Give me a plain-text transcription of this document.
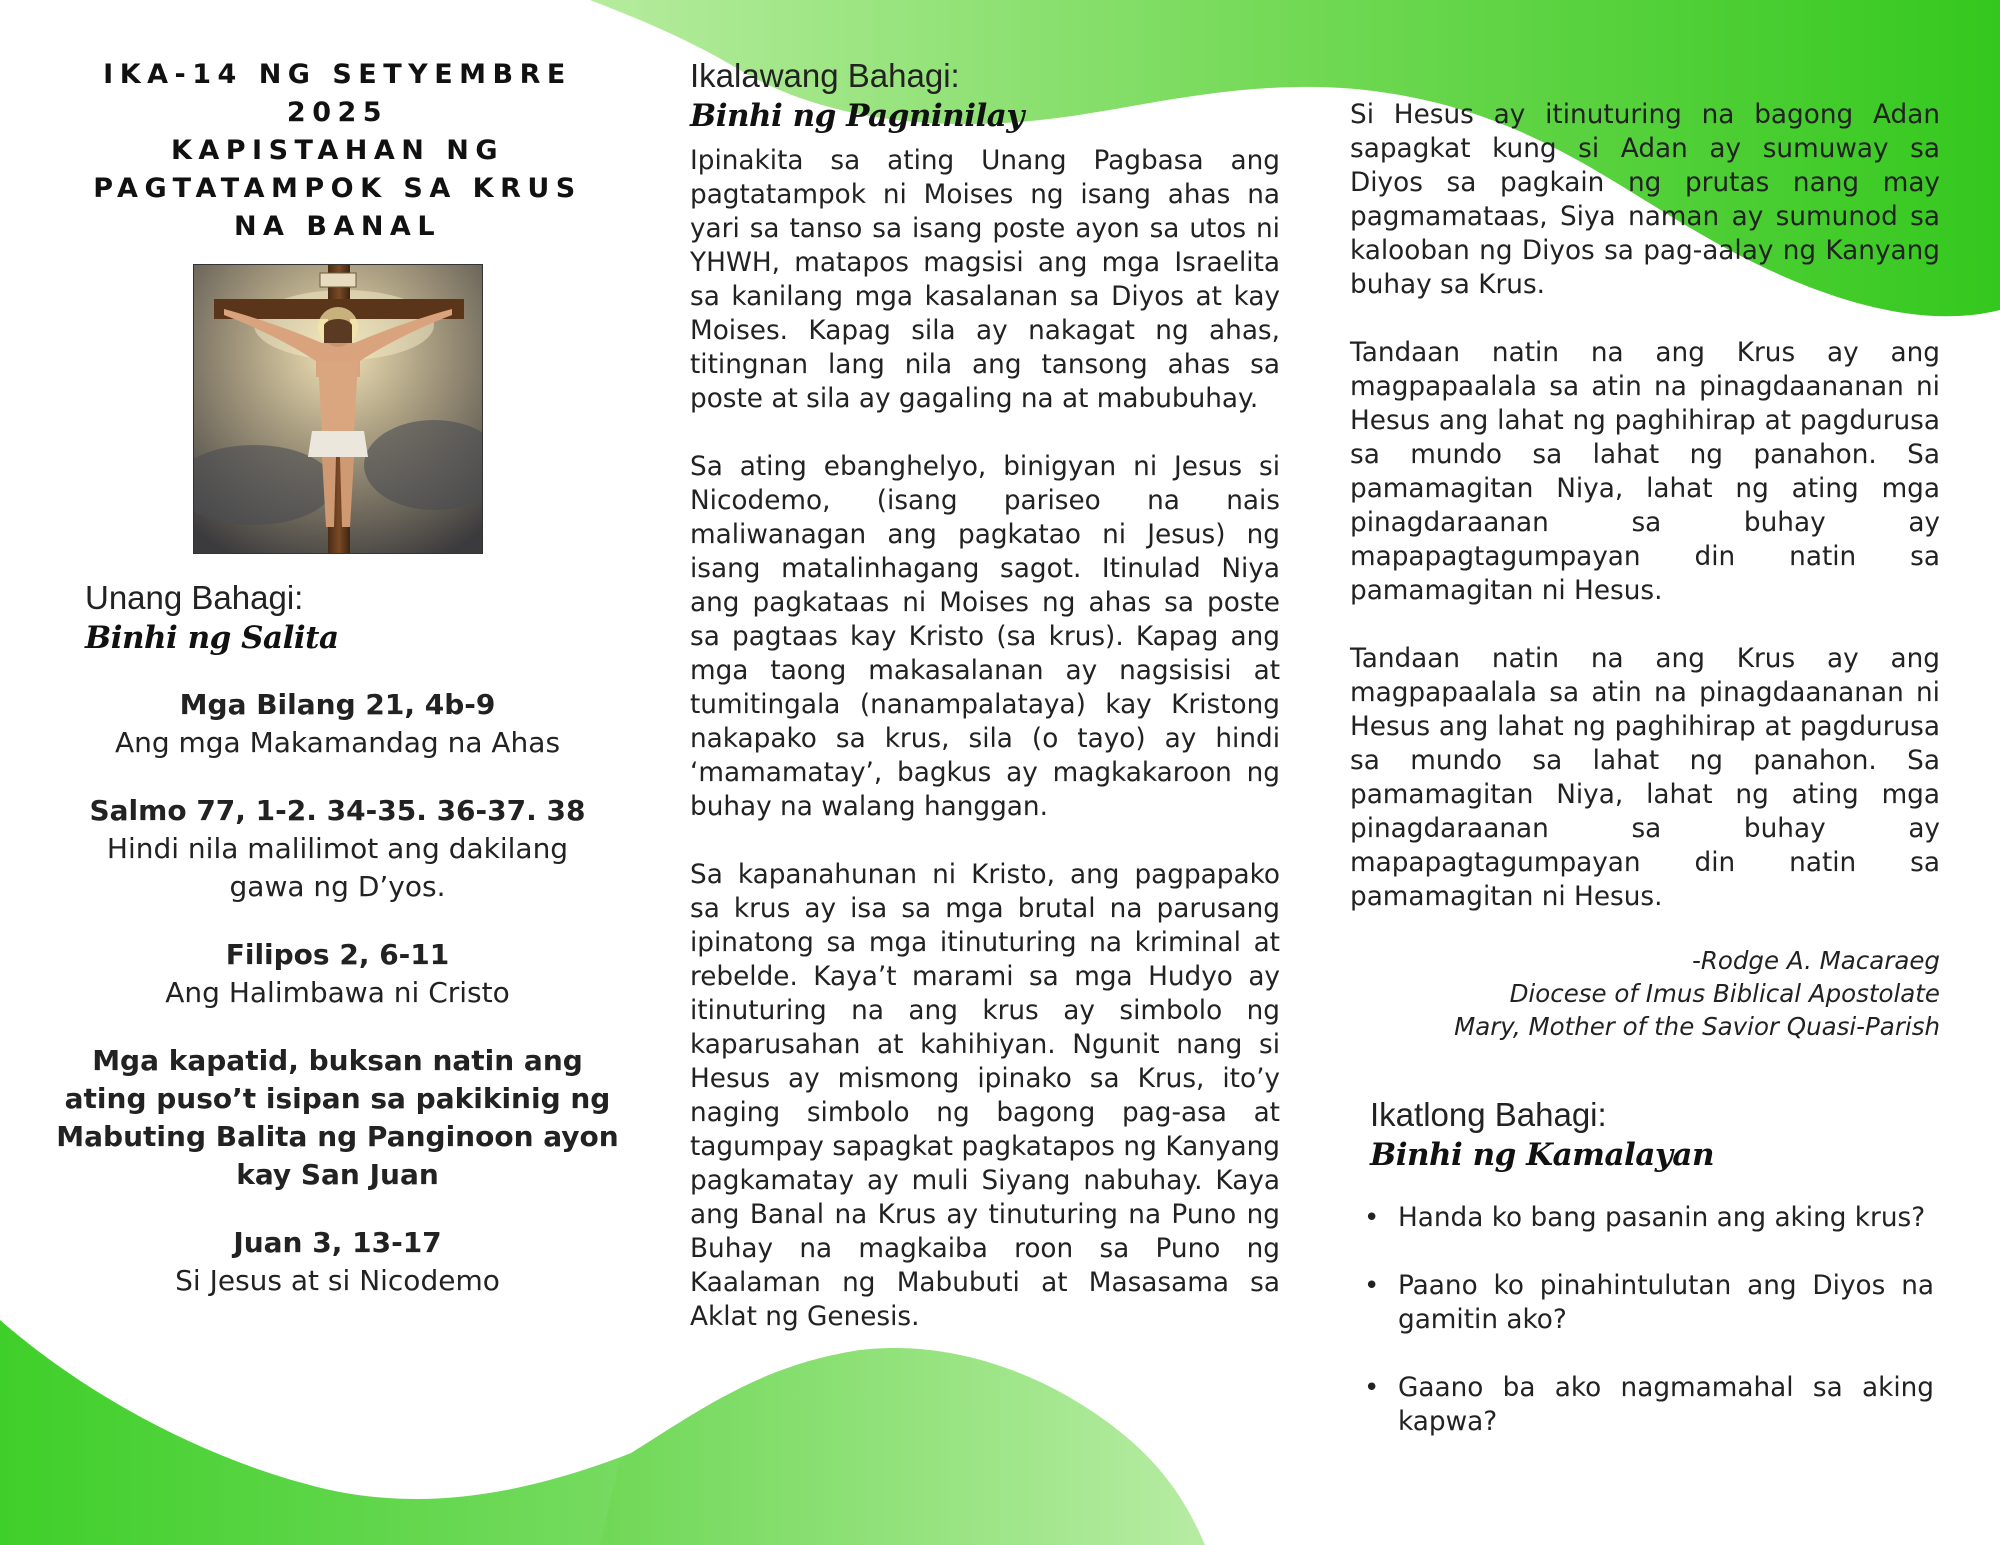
IKA-14 NG SETYEMBRE
2025
KAPISTAHAN NG
PAGTATAMPOK SA KRUS
NA BANAL
Unang Bahagi:
Binhi ng Salita
Mga Bilang 21, 4b-9
Ang mga Makamandag na Ahas
Salmo 77, 1-2. 34-35. 36-37. 38
Hindi nila malilimot ang dakilang gawa ng D’yos.
Filipos 2, 6-11
Ang Halimbawa ni Cristo
Mga kapatid, buksan natin ang ating puso’t isipan sa pakikinig ng Mabuting Balita ng Panginoon ayon kay San Juan
Juan 3, 13-17
Si Jesus at si Nicodemo
Ikalawang Bahagi:
Binhi ng Pagninilay

Ipinakita sa ating Unang Pagbasa ang pagtatampok ni Moises ng isang ahas na yari sa tanso sa isang poste ayon sa utos ni YHWH, matapos magsisi ang mga Israelita sa kanilang mga kasalanan sa Diyos at kay Moises. Kapag sila ay nakagat ng ahas, titingnan lang nila ang tansong ahas sa poste at sila ay gagaling na at mabubuhay.

Sa ating ebanghelyo, binigyan ni Jesus si Nicodemo, (isang pariseo na nais maliwanagan ang pagkatao ni Jesus) ng isang matalinhagang sagot. Itinulad Niya ang pagkataas ni Moises ng ahas sa poste sa pagtaas kay Kristo (sa krus). Kapag ang mga taong makasalanan ay nagsisisi at tumitingala (nanampalataya) kay Kristong nakapako sa krus, sila (o tayo) ay hindi ‘mamamatay’, bagkus ay magkakaroon ng buhay na walang hanggan.

Sa kapanahunan ni Kristo, ang pagpapako sa krus ay isa sa mga brutal na parusang ipinatong sa mga itinuturing na kriminal at rebelde. Kaya’t marami sa mga Hudyo ay itinuturing na ang krus ay simbolo ng kaparusahan at kahihiyan. Ngunit nang si Hesus ay mismong ipinako sa Krus, ito’y naging simbolo ng bagong pag-asa at tagumpay sapagkat pagkatapos ng Kanyang pagkamatay ay muli Siyang nabuhay. Kaya ang Banal na Krus ay tinuturing na Puno ng Buhay na magkaiba roon sa Puno ng Kaalaman ng Mabubuti at Masasama sa Aklat ng Genesis.

Si Hesus ay itinuturing na bagong Adan sapagkat kung si Adan ay sumuway sa Diyos sa pagkain ng prutas nang may pagmamataas, Siya naman ay sumunod sa kalooban ng Diyos sa pag-aalay ng Kanyang buhay sa Krus.

Tandaan natin na ang Krus ay ang magpapaalala sa atin na pinagdaananan ni Hesus ang lahat ng paghihirap at pagdurusa sa mundo sa lahat ng panahon. Sa pamamagitan Niya, lahat ng ating mga pinagdaraanan sa buhay ay mapapagtagumpayan din natin sa pamamagitan ni Hesus.

Tandaan natin na ang Krus ay ang magpapaalala sa atin na pinagdaananan ni Hesus ang lahat ng paghihirap at pagdurusa sa mundo sa lahat ng panahon. Sa pamamagitan Niya, lahat ng ating mga pinagdaraanan sa buhay ay mapapagtagumpayan din natin sa pamamagitan ni Hesus.

-Rodge A. Macaraeg
Diocese of Imus Biblical Apostolate
Mary, Mother of the Savior Quasi-Parish
Ikatlong Bahagi:
Binhi ng Kamalayan
• Handa ko bang pasanin ang aking krus?
• Paano ko pinahintulutan ang Diyos na gamitin ako?
• Gaano ba ako nagmamahal sa aking kapwa?
